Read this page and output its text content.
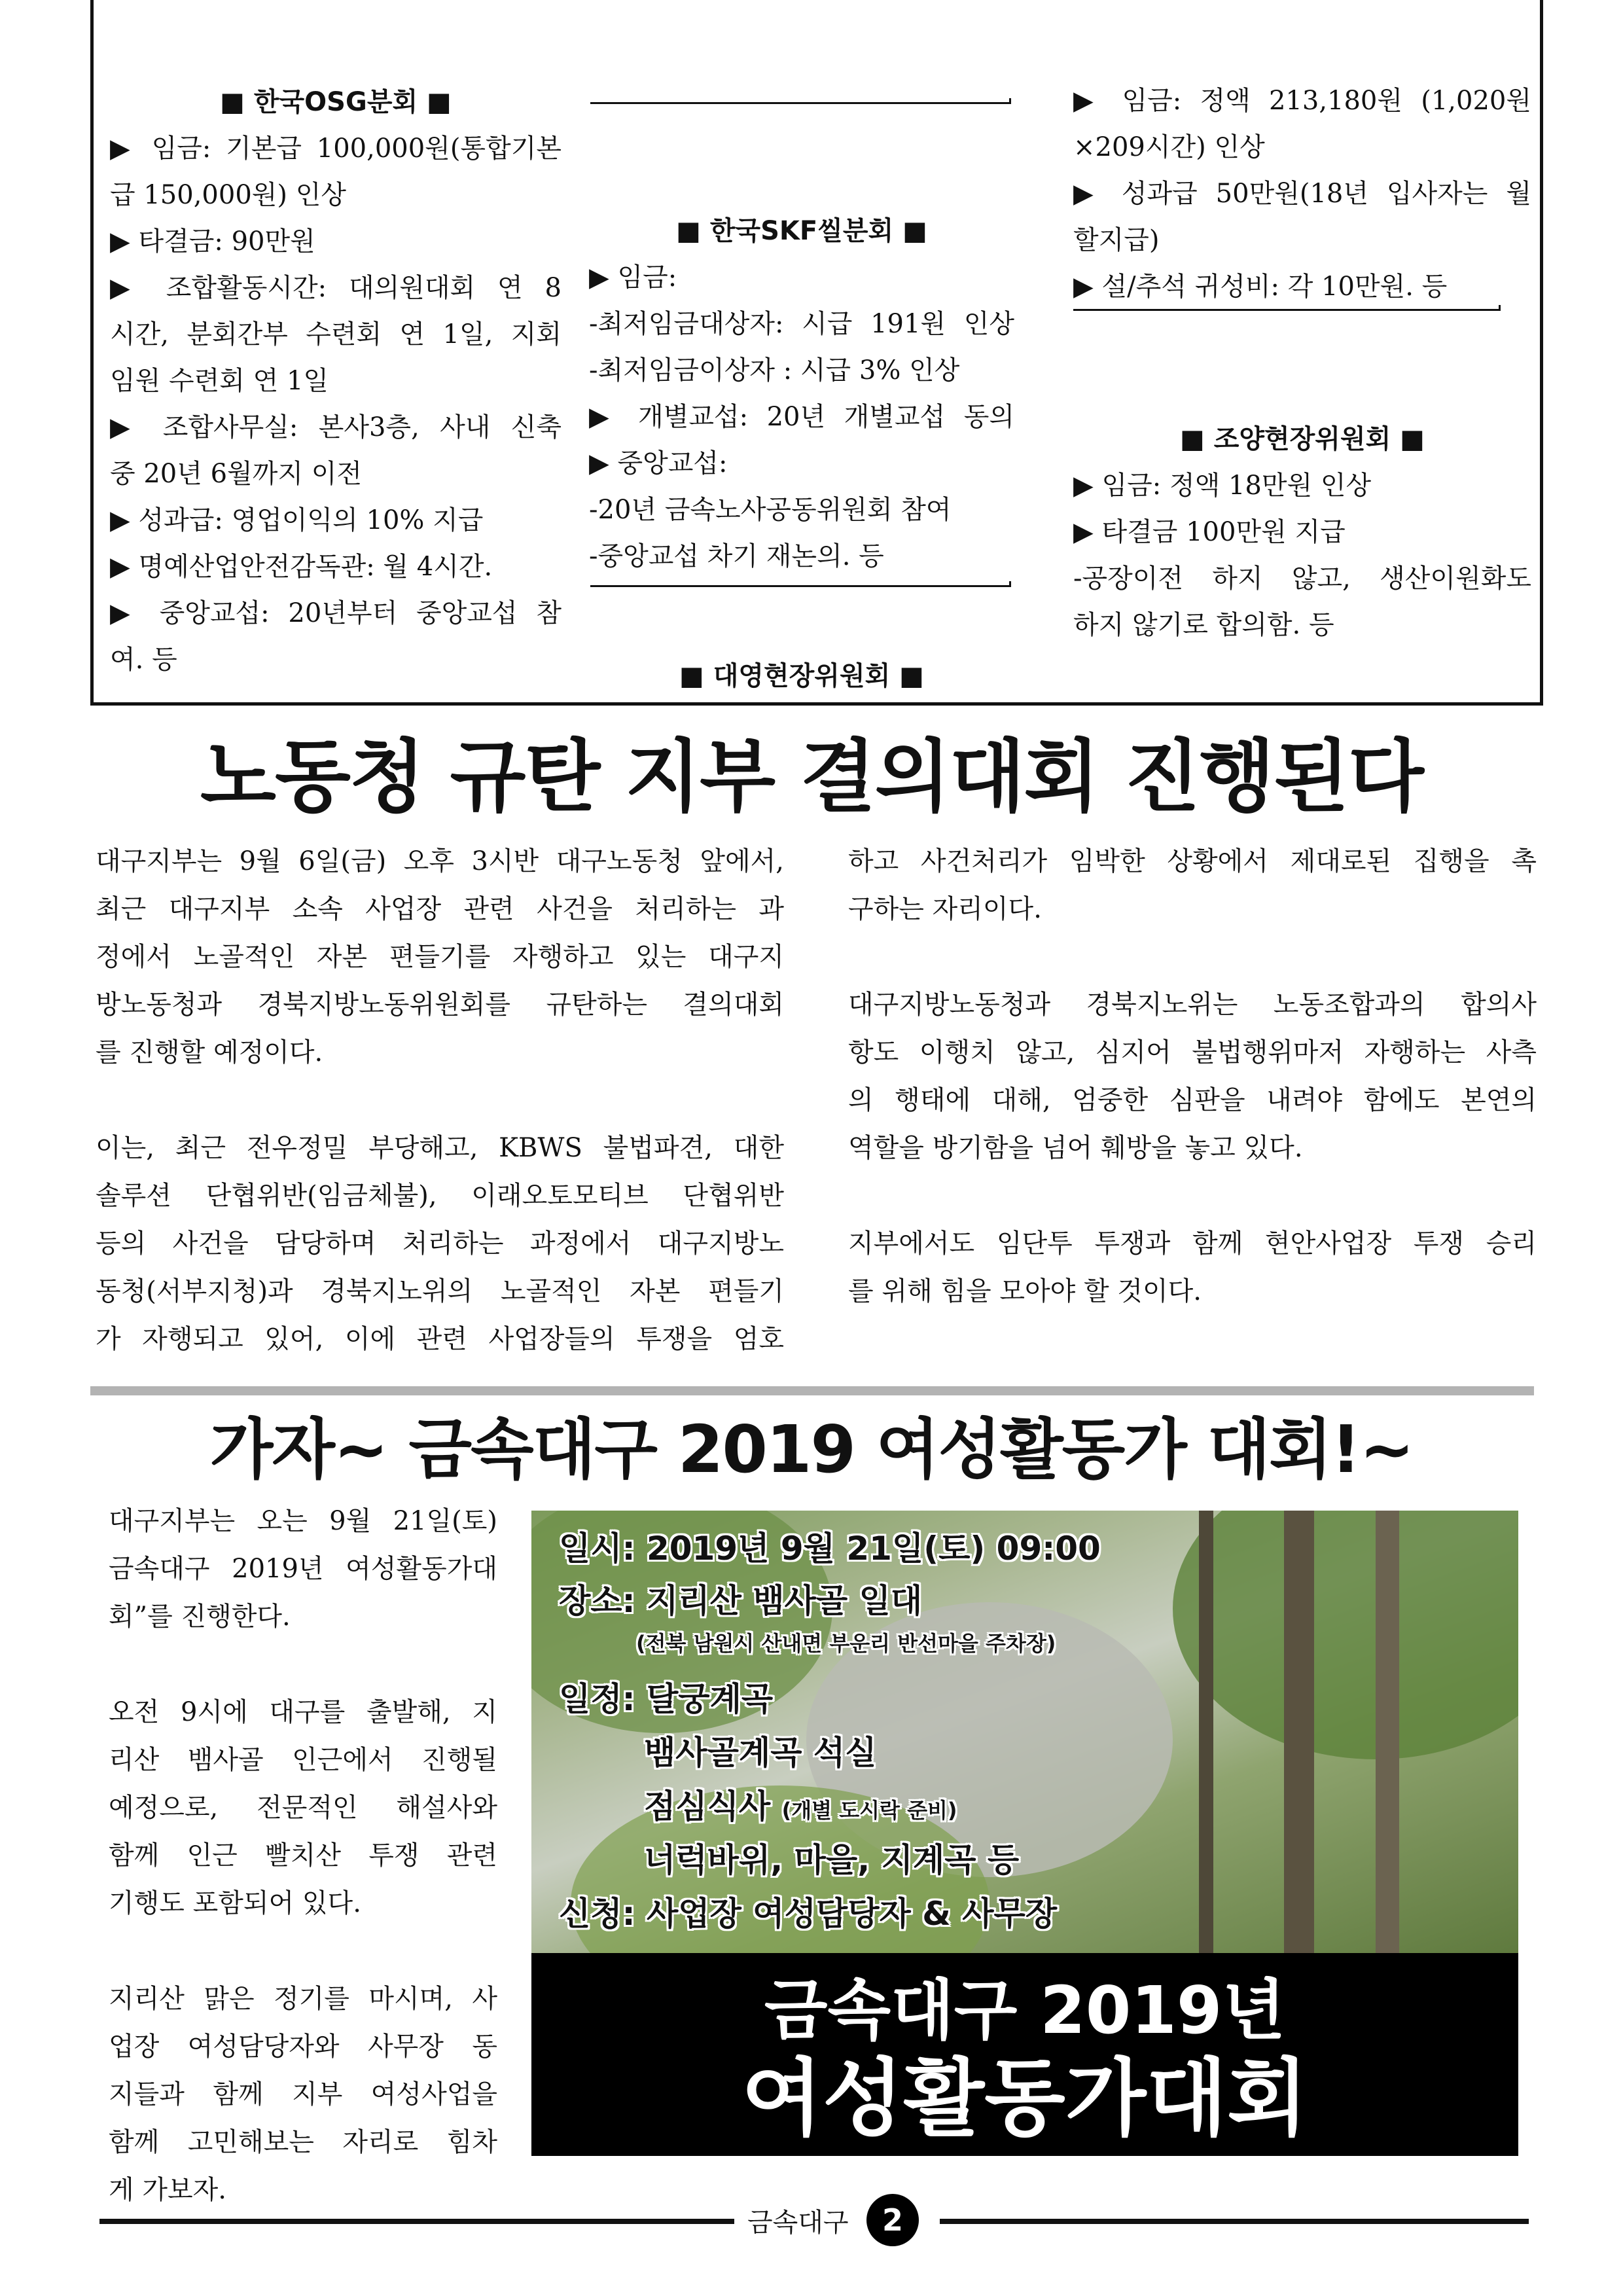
■ 한국OSG분회 ■

▶ 임금: 기본급 100,000원(통합기본

급 150,000원) 인상

▶ 타결금: 90만원

▶ 조합활동시간: 대의원대회 연 8

시간, 분회간부 수련회 연 1일, 지회

임원 수련회 연 1일

▶ 조합사무실: 본사3층, 사내 신축

중 20년 6월까지 이전

▶ 성과급: 영업이익의 10% 지급

▶ 명예산업안전감독관: 월 4시간.

▶ 중앙교섭: 20년부터 중앙교섭 참

여. 등

■ 한국SKF씰분회 ■

▶ 임금:

-최저임금대상자: 시급 191원 인상

-최저임금이상자 : 시급 3% 인상

▶ 개별교섭: 20년 개별교섭 동의

▶ 중앙교섭:

-20년 금속노사공동위원회 참여

-중앙교섭 차기 재논의. 등

■ 대영현장위원회 ■

▶ 임금: 정액 213,180원 (1,020원

×209시간) 인상

▶ 성과급 50만원(18년 입사자는 월

할지급)

▶ 설/추석 귀성비: 각 10만원. 등

■ 조양현장위원회 ■

▶ 임금: 정액 18만원 인상

▶ 타결금 100만원 지급

-공장이전 하지 않고, 생산이원화도

하지 않기로 합의함. 등

노동청 규탄 지부 결의대회 진행된다

대구지부는 9월 6일(금) 오후 3시반 대구노동청 앞에서,

최근 대구지부 소속 사업장 관련 사건을 처리하는 과

정에서 노골적인 자본 편들기를 자행하고 있는 대구지

방노동청과 경북지방노동위원회를 규탄하는 결의대회

를 진행할 예정이다.

이는, 최근 전우정밀 부당해고, KBWS 불법파견, 대한

솔루션 단협위반(임금체불), 이래오토모티브 단협위반

등의 사건을 담당하며 처리하는 과정에서 대구지방노

동청(서부지청)과 경북지노위의 노골적인 자본 편들기

가 자행되고 있어, 이에 관련 사업장들의 투쟁을 엄호

하고 사건처리가 임박한 상황에서 제대로된 집행을 촉

구하는 자리이다.

대구지방노동청과 경북지노위는 노동조합과의 합의사

항도 이행치 않고, 심지어 불법행위마저 자행하는 사측

의 행태에 대해, 엄중한 심판을 내려야 함에도 본연의

역할을 방기함을 넘어 훼방을 놓고 있다.

지부에서도 임단투 투쟁과 함께 현안사업장 투쟁 승리

를 위해 힘을 모아야 할 것이다.

가자~ 금속대구 2019 여성활동가 대회!~

대구지부는 오는 9월 21일(토)

금속대구 2019년 여성활동가대

회”를 진행한다.

오전 9시에 대구를 출발해, 지

리산 뱀사골 인근에서 진행될

예정으로, 전문적인 해설사와

함께 인근 빨치산 투쟁 관련

기행도 포함되어 있다.

지리산 맑은 정기를 마시며, 사

업장 여성담당자와 사무장 동

지들과 함께 지부 여성사업을

함께 고민해보는 자리로 힘차

게 가보자.

일시: 2019년 9월 21일(토) 09:00
장소: 지리산 뱀사골 일대
(전북 남원시 산내면 부운리 반선마을 주차장)
일정: 달궁계곡
뱀사골계곡 석실
점심식사 (개별 도시락 준비)
너럭바위, 마을, 지계곡 등
신청: 사업장 여성담당자 & 사무장
금속대구 2019년
여성활동가대회
금속대구	2
